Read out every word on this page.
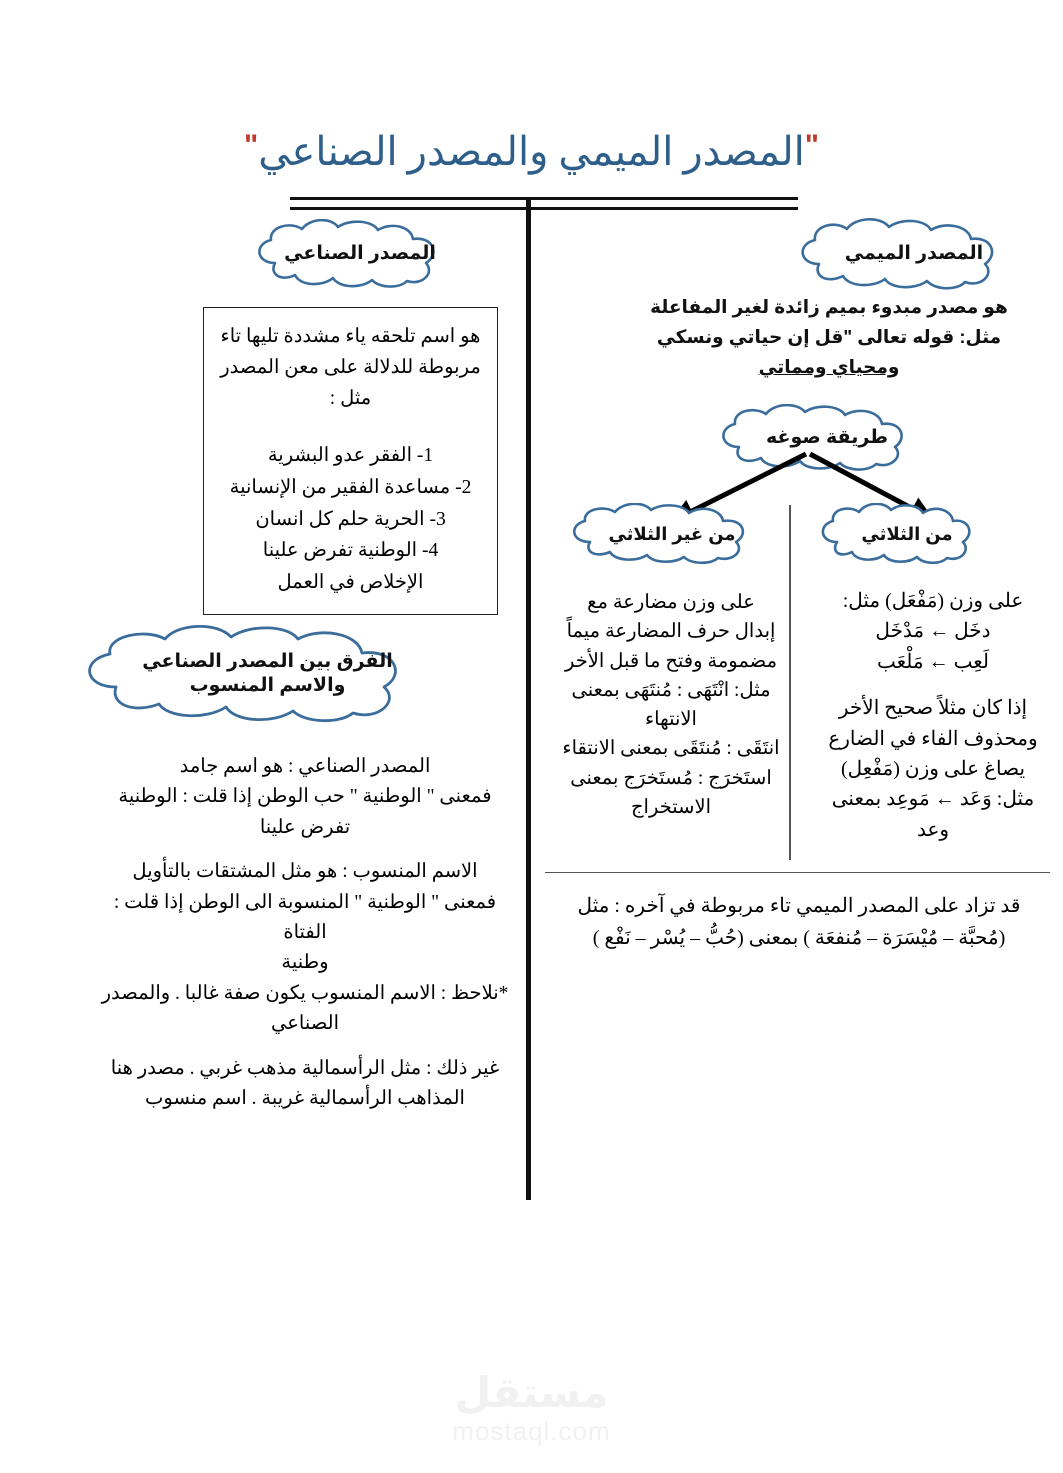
"المصدر الميمي والمصدر الصناعي"
المصدر الميمي
هو مصدر مبدوء بميم زائدة لغير المفاعلة
مثل: قوله تعالى "قل إن حياتي ونسكي
ومحياي ومماتي
طريقة صوغه
من الثلاثي
من غير الثلاثي
على وزن (مَفْعَل) مثل:
دخَل ← مَدْخَل
لَعِب ← مَلْعَب
إذا كان مثلاً صحيح الأخر
ومحذوف الفاء في الضارع
يصاغ على وزن (مَفْعِل)
مثل: وَعَد ← مَوعِد بمعنى
وعد
على وزن مضارعة مع
إبدال حرف المضارعة ميماً
مضمومة وفتح ما قبل الأخر
مثل: انْتَهَى : مُنتَهَى بمعنى
الانتهاء
انتَقَى : مُنتَقَى بمعنى الانتقاء
استَخرَج : مُستَخرَج بمعنى
الاستخراج
قد تزاد على المصدر الميمي تاء مربوطة في آخره : مثل
(مُحبَّة – مُيْسَرَة – مُنفعَة ) بمعنى (حُبُّ – يُسْر – نَفْع )
المصدر الصناعي
هو اسم تلحقه ياء مشددة تليها تاء
مربوطة للدلالة على معن المصدر
مثل :
1- الفقر عدو البشرية
2- مساعدة الفقير من الإنسانية
3- الحرية حلم كل انسان
4- الوطنية تفرض علينا
الإخلاص في العمل
الفرق بين المصدر الصناعي
والاسم المنسوب

المصدر الصناعي : هو اسم جامد
فمعنى " الوطنية " حب الوطن إذا قلت : الوطنية
تفرض علينا

الاسم المنسوب : هو مثل المشتقات بالتأويل
فمعنى " الوطنية " المنسوبة الى الوطن إذا قلت : الفتاة
وطنية
*نلاحظ : الاسم المنسوب يكون صفة غالبا . والمصدر
الصناعي

غير ذلك : مثل الرأسمالية مذهب غربي . مصدر هنا
المذاهب الرأسمالية غريبة . اسم منسوب

مستقل
mostaql.com
